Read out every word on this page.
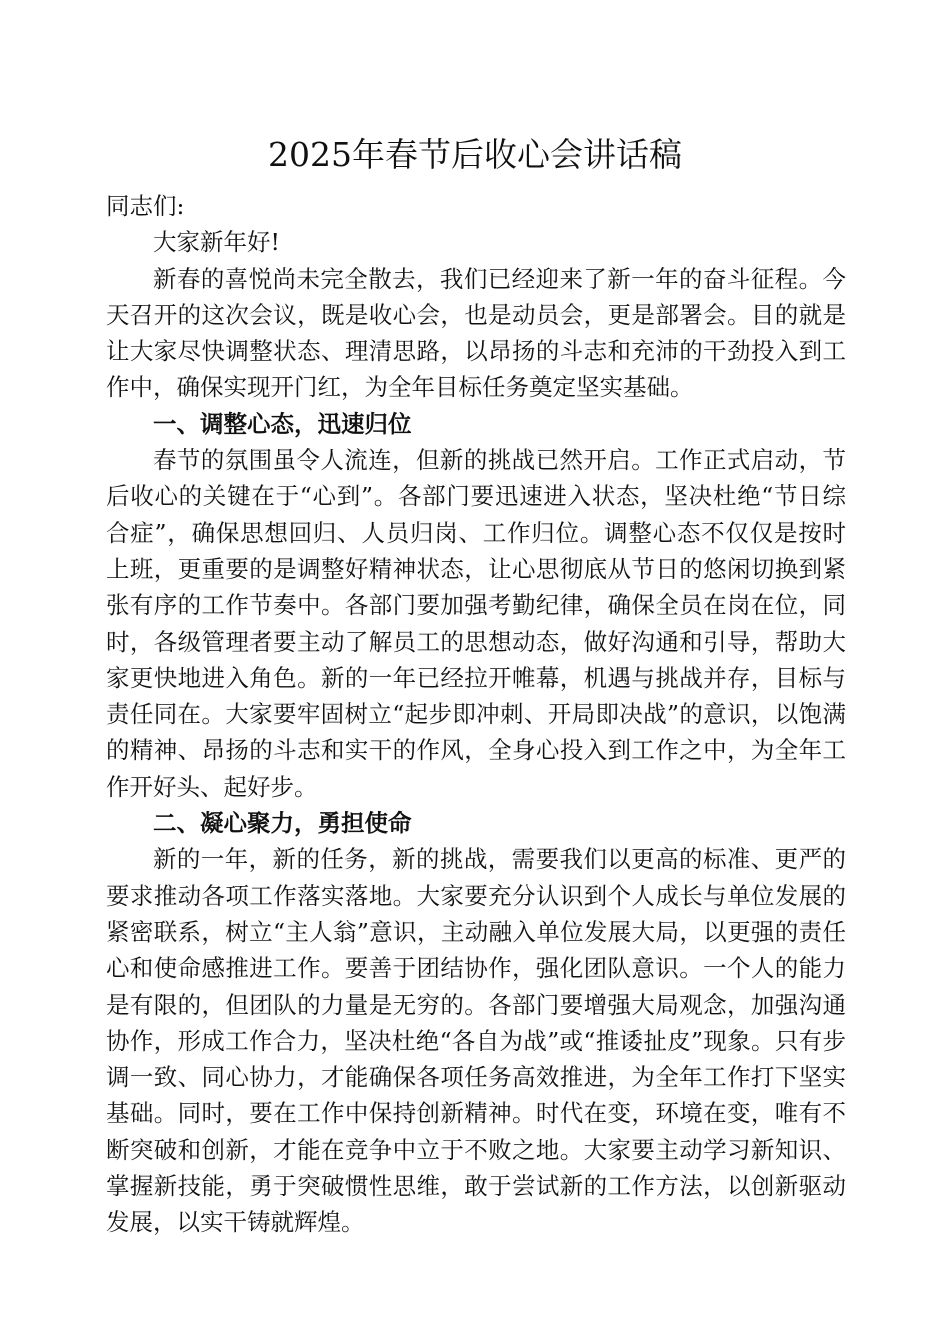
2025年春节后收心会讲话稿

同志们:

大家新年好!

新春的喜悦尚未完全散去，我们已经迎来了新一年的奋斗征程。今天召开的这次会议，既是收心会，也是动员会，更是部署会。目的就是让大家尽快调整状态、理清思路，以昂扬的斗志和充沛的干劲投入到工作中，确保实现开门红，为全年目标任务奠定坚实基础。

一、调整心态，迅速归位

春节的氛围虽令人流连，但新的挑战已然开启。工作正式启动，节后收心的关键在于“心到”。各部门要迅速进入状态，坚决杜绝“节日综合症”，确保思想回归、人员归岗、工作归位。调整心态不仅仅是按时上班，更重要的是调整好精神状态，让心思彻底从节日的悠闲切换到紧张有序的工作节奏中。各部门要加强考勤纪律，确保全员在岗在位，同时，各级管理者要主动了解员工的思想动态，做好沟通和引导，帮助大家更快地进入角色。新的一年已经拉开帷幕，机遇与挑战并存，目标与责任同在。大家要牢固树立“起步即冲刺、开局即决战”的意识，以饱满的精神、昂扬的斗志和实干的作风，全身心投入到工作之中，为全年工作开好头、起好步。

二、凝心聚力，勇担使命

新的一年，新的任务，新的挑战，需要我们以更高的标准、更严的要求推动各项工作落实落地。大家要充分认识到个人成长与单位发展的紧密联系，树立“主人翁”意识，主动融入单位发展大局，以更强的责任心和使命感推进工作。要善于团结协作，强化团队意识。一个人的能力是有限的，但团队的力量是无穷的。各部门要增强大局观念，加强沟通协作，形成工作合力，坚决杜绝“各自为战”或“推诿扯皮”现象。只有步调一致、同心协力，才能确保各项任务高效推进，为全年工作打下坚实基础。同时，要在工作中保持创新精神。时代在变，环境在变，唯有不断突破和创新，才能在竞争中立于不败之地。大家要主动学习新知识、掌握新技能，勇于突破惯性思维，敢于尝试新的工作方法，以创新驱动发展，以实干铸就辉煌。
